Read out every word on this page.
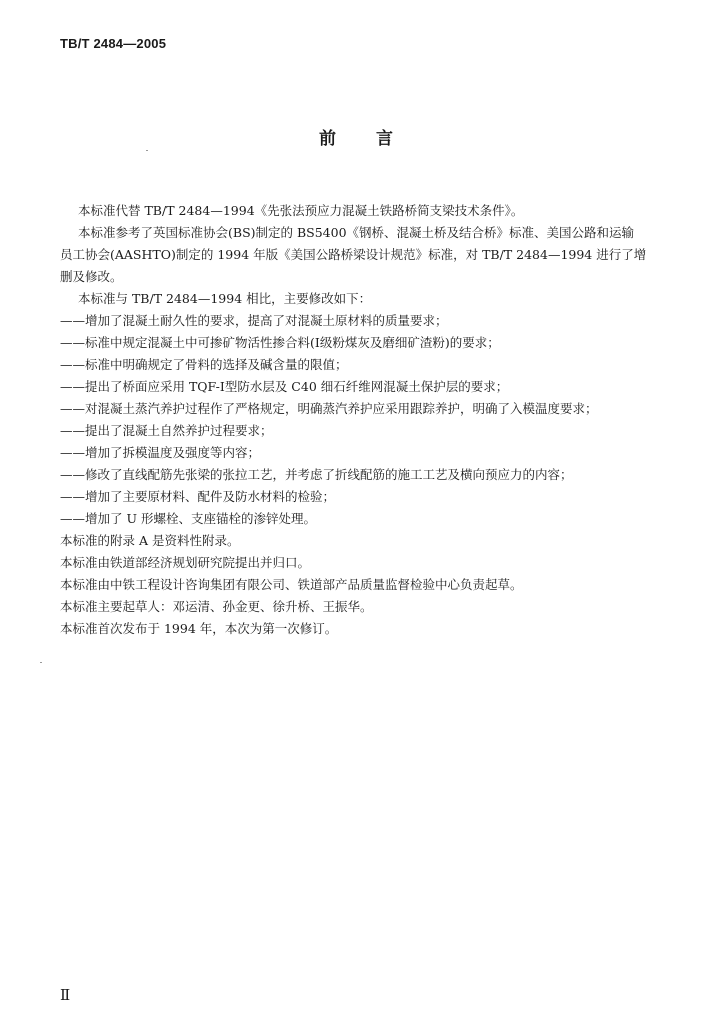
TB/T 2484—2005
前言

本标准代替 TB/T 2484—1994《先张法预应力混凝土铁路桥简支梁技术条件》。

本标准参考了英国标准协会(BS)制定的 BS5400《钢桥、混凝土桥及结合桥》标准、美国公路和运输

员工协会(AASHTO)制定的 1994 年版《美国公路桥梁设计规范》标准，对 TB/T 2484—1994 进行了增

删及修改。

本标准与 TB/T 2484—1994 相比，主要修改如下：

——增加了混凝土耐久性的要求，提高了对混凝土原材料的质量要求；

——标准中规定混凝土中可掺矿物活性掺合料(Ⅰ级粉煤灰及磨细矿渣粉)的要求；

——标准中明确规定了骨料的选择及碱含量的限值；

——提出了桥面应采用 TQF-Ⅰ型防水层及 C40 细石纤维网混凝土保护层的要求；

——对混凝土蒸汽养护过程作了严格规定，明确蒸汽养护应采用跟踪养护，明确了入模温度要求；

——提出了混凝土自然养护过程要求；

——增加了拆模温度及强度等内容；

——修改了直线配筋先张梁的张拉工艺，并考虑了折线配筋的施工工艺及横向预应力的内容；

——增加了主要原材料、配件及防水材料的检验；

——增加了 U 形螺栓、支座锚栓的渗锌处理。

本标准的附录 A 是资料性附录。

本标准由铁道部经济规划研究院提出并归口。

本标准由中铁工程设计咨询集团有限公司、铁道部产品质量监督检验中心负责起草。

本标准主要起草人：邓运清、孙金更、徐升桥、王振华。

本标准首次发布于 1994 年，本次为第一次修订。

Ⅱ
